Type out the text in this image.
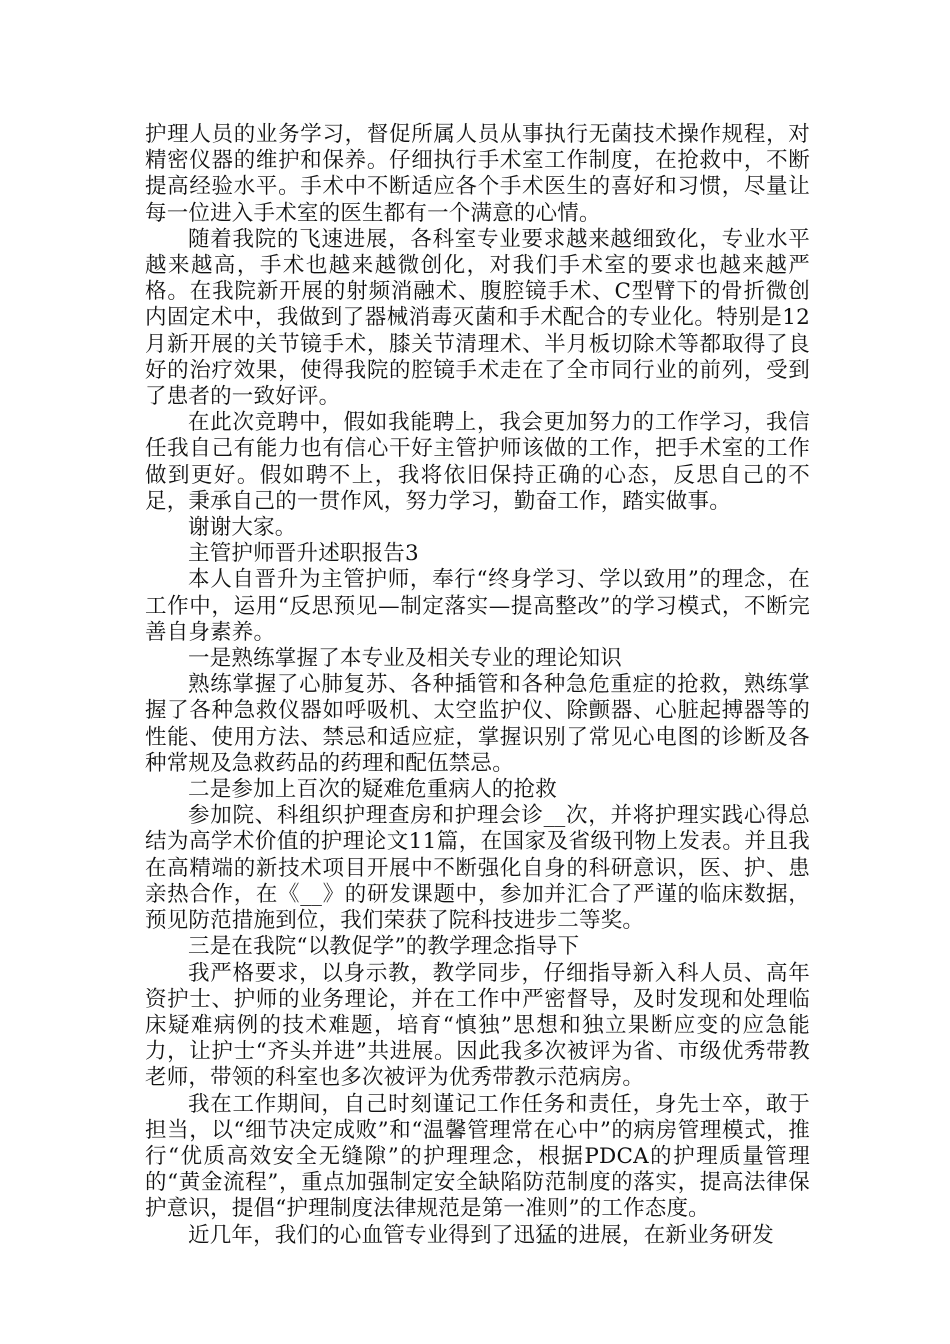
护理人员的业务学习，督促所属人员从事执行无菌技术操作规程，对精密仪器的维护和保养。仔细执行手术室工作制度，在抢救中，不断提高经验水平。手术中不断适应各个手术医生的喜好和习惯，尽量让每一位进入手术室的医生都有一个满意的心情。

随着我院的飞速进展，各科室专业要求越来越细致化，专业水平越来越高，手术也越来越微创化，对我们手术室的要求也越来越严格。在我院新开展的射频消融术、腹腔镜手术、C型臂下的骨折微创内固定术中，我做到了器械消毒灭菌和手术配合的专业化。特别是12月新开展的关节镜手术，膝关节清理术、半月板切除术等都取得了良好的治疗效果，使得我院的腔镜手术走在了全市同行业的前列，受到了患者的一致好评。

在此次竞聘中，假如我能聘上，我会更加努力的工作学习，我信任我自己有能力也有信心干好主管护师该做的工作，把手术室的工作做到更好。假如聘不上，我将依旧保持正确的心态，反思自己的不足，秉承自己的一贯作风，努力学习，勤奋工作，踏实做事。

谢谢大家。

主管护师晋升述职报告3

本人自晋升为主管护师，奉行“终身学习、学以致用”的理念，在工作中，运用“反思预见—制定落实—提高整改”的学习模式，不断完善自身素养。

一是熟练掌握了本专业及相关专业的理论知识

熟练掌握了心肺复苏、各种插管和各种急危重症的抢救，熟练掌握了各种急救仪器如呼吸机、太空监护仪、除颤器、心脏起搏器等的性能、使用方法、禁忌和适应症，掌握识别了常见心电图的诊断及各种常规及急救药品的药理和配伍禁忌。

二是参加上百次的疑难危重病人的抢救

参加院、科组织护理查房和护理会诊__次，并将护理实践心得总结为高学术价值的护理论文11篇，在国家及省级刊物上发表。并且我在高精端的新技术项目开展中不断强化自身的科研意识，医、护、患亲热合作，在《__》的研发课题中，参加并汇合了严谨的临床数据，预见防范措施到位，我们荣获了院科技进步二等奖。

三是在我院“以教促学”的教学理念指导下

我严格要求，以身示教，教学同步，仔细指导新入科人员、高年资护士、护师的业务理论，并在工作中严密督导，及时发现和处理临床疑难病例的技术难题，培育“慎独”思想和独立果断应变的应急能力，让护士“齐头并进”共进展。因此我多次被评为省、市级优秀带教老师，带领的科室也多次被评为优秀带教示范病房。

我在工作期间，自己时刻谨记工作任务和责任，身先士卒，敢于担当，以“细节决定成败”和“温馨管理常在心中”的病房管理模式，推行“优质高效安全无缝隙”的护理理念，根据PDCA的护理质量管理的“黄金流程”，重点加强制定安全缺陷防范制度的落实，提高法律保护意识，提倡“护理制度法律规范是第一准则”的工作态度。

近几年，我们的心血管专业得到了迅猛的进展，在新业务研发
